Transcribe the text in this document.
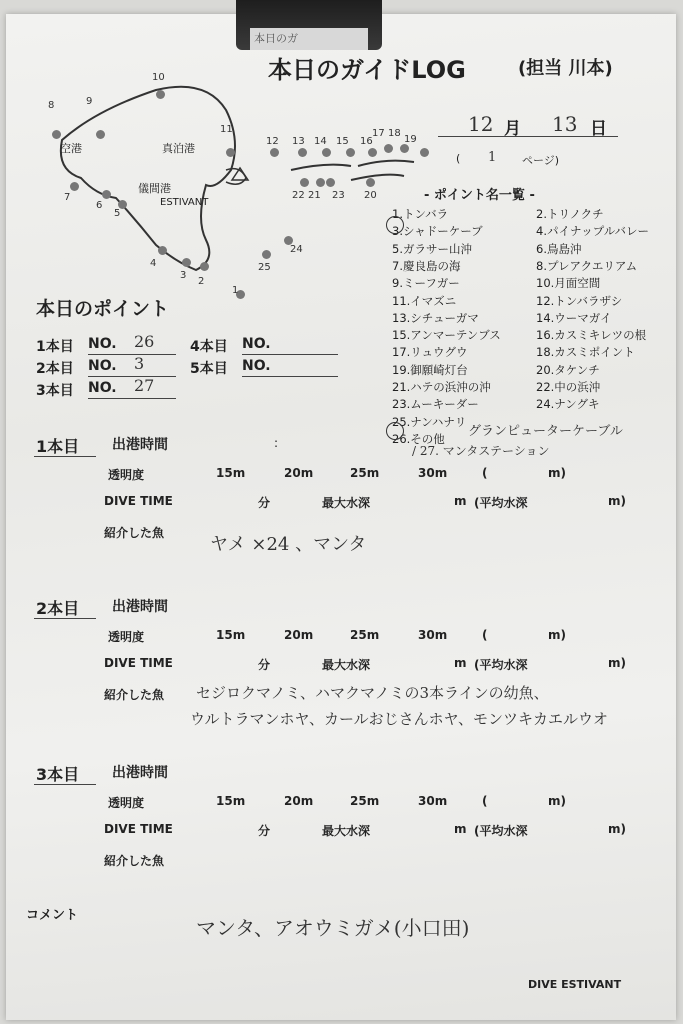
本日のガ
本日のガイドLOG	(担当 川本)
12 月 13 日
( 1 ページ)
空港	真泊港
儀間港
ESTIVANT
1
2
3
4
5
6
7
8	9
10
11
12 13 14 15 16
17 18
19
20
21
22	23
24
25
- ポイント名一覧 -
1.トンバラ	2.トリノクチ
3.シャドーケーブ	4.パイナップルバレー
5.ガラサー山沖	6.鳥島沖
7.慶良島の海	8.プレアクエリアム
9.ミーフガー	10.月面空間
11.イマズニ	12.トンバラザシ
13.シチューガマ	14.ウーマガイ
15.アンマーテンブス	16.カスミキレツの根
17.リュウグウ	18.カスミポイント
19.御願崎灯台	20.タケンチ
21.ハテの浜沖の沖	22.中の浜沖
23.ムーキーダー	24.ナングキ
25.ナンハナリ
26.その他 グランピューターケーブル
/ 27. マンタステーション
本日のポイント
1本目 NO. 26
2本目 NO. 3
3本目 NO. 27
4本目 NO.
5本目 NO.
1本目 出港時間	:
透明度	15m	20m	25m	30m	(	m)
DIVE TIME	分	最大水深	m (平均水深	m)
紹介した魚
ヤメ ×24 、マンタ
2本目 出港時間
透明度	15m	20m	25m	30m	(	m)
DIVE TIME	分	最大水深	m (平均水深	m)
紹介した魚 セジロクマノミ、ハマクマノミの3本ラインの幼魚、
ウルトラマンホヤ、カールおじさんホヤ、モンツキカエルウオ
3本目 出港時間
透明度	15m	20m	25m	30m	(	m)
DIVE TIME	分	最大水深	m (平均水深	m)
紹介した魚
コメント
マンタ、アオウミガメ(小口田)
DIVE ESTIVANT
